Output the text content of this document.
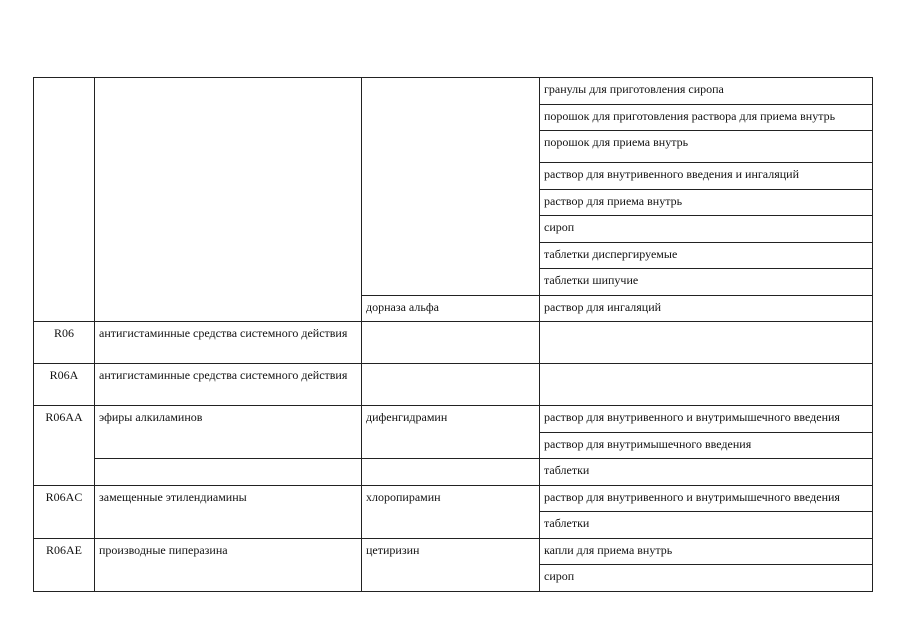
			гранулы для приготовления сиропа
			порошок для приготовления раствора для приема внутрь
			порошок для приема внутрь
			раствор для внутривенного введения и ингаляций
			раствор для приема внутрь
			сироп
			таблетки диспергируемые
			таблетки шипучие
		дорназа альфа	раствор для ингаляций
R06	антигистаминные средства системного действия		
R06A	антигистаминные средства системного действия		
R06AA	эфиры алкиламинов	дифенгидрамин	раствор для внутривенного и внутримышечного введения
			раствор для внутримышечного введения
			таблетки
R06AC	замещенные этилендиамины	хлоропирамин	раствор для внутривенного и внутримышечного введения
			таблетки
R06AE	производные пиперазина	цетиризин	капли для приема внутрь
			сироп
